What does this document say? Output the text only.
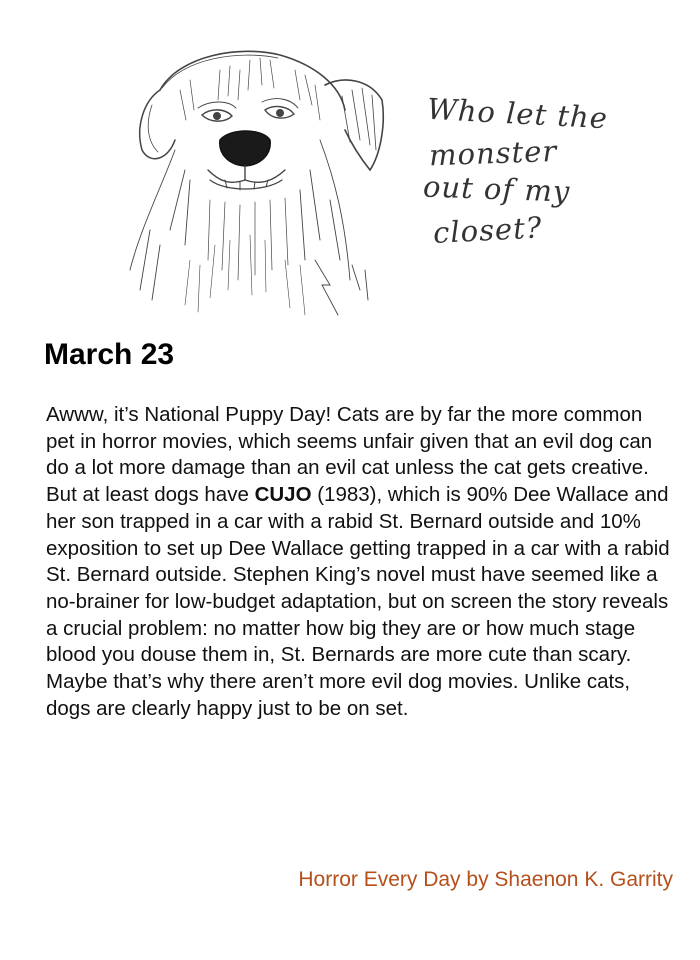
Who let the
monster
out of my
closet?
March 23

Awww, it’s National Puppy Day! Cats are by far the more common pet in horror movies, which seems unfair given that an evil dog can do a lot more damage than an evil cat unless the cat gets creative. But at least dogs have CUJO (1983), which is 90% Dee Wallace and her son trapped in a car with a rabid St. Bernard outside and 10% exposition to set up Dee Wallace getting trapped in a car with a rabid St. Bernard outside. Stephen King’s novel must have seemed like a no-brainer for low-budget adaptation, but on screen the story reveals a crucial problem: no matter how big they are or how much stage blood you douse them in, St. Bernards are more cute than scary. Maybe that’s why there aren’t more evil dog movies. Unlike cats, dogs are clearly happy just to be on set.

Horror Every Day by Shaenon K. Garrity
